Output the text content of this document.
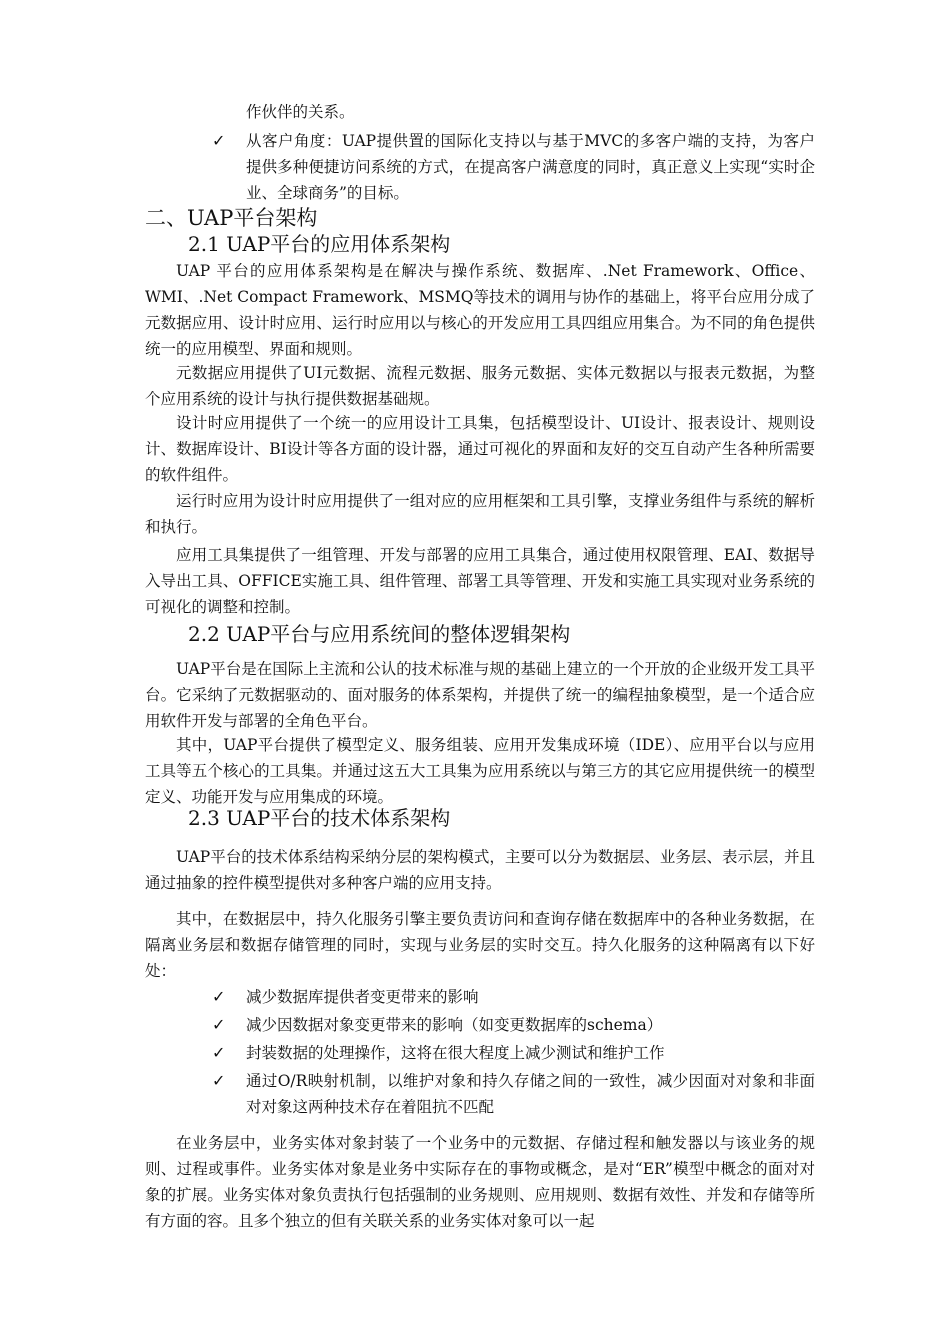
作伙伴的关系。

✓ 从客户角度：UAP提供置的国际化支持以与基于MVC的多客户端的支持，为客户提供多种便捷访问系统的方式，在提高客户满意度的同时，真正意义上实现“实时企业、全球商务”的目标。
二、UAP平台架构
2.1 UAP平台的应用体系架构

UAP 平台的应用体系架构是在解决与操作系统、数据库、.Net Framework、Office、WMI、.Net Compact Framework、MSMQ等技术的调用与协作的基础上，将平台应用分成了元数据应用、设计时应用、运行时应用以与核心的开发应用工具四组应用集合。为不同的角色提供统一的应用模型、界面和规则。

元数据应用提供了UI元数据、流程元数据、服务元数据、实体元数据以与报表元数据，为整个应用系统的设计与执行提供数据基础规。

设计时应用提供了一个统一的应用设计工具集，包括模型设计、UI设计、报表设计、规则设计、数据库设计、BI设计等各方面的设计器，通过可视化的界面和友好的交互自动产生各种所需要的软件组件。

运行时应用为设计时应用提供了一组对应的应用框架和工具引擎，支撑业务组件与系统的解析和执行。

应用工具集提供了一组管理、开发与部署的应用工具集合，通过使用权限管理、EAI、数据导入导出工具、OFFICE实施工具、组件管理、部署工具等管理、开发和实施工具实现对业务系统的可视化的调整和控制。

2.2 UAP平台与应用系统间的整体逻辑架构

UAP平台是在国际上主流和公认的技术标准与规的基础上建立的一个开放的企业级开发工具平台。它采纳了元数据驱动的、面对服务的体系架构，并提供了统一的编程抽象模型，是一个适合应用软件开发与部署的全角色平台。

其中，UAP平台提供了模型定义、服务组装、应用开发集成环境（IDE）、应用平台以与应用工具等五个核心的工具集。并通过这五大工具集为应用系统以与第三方的其它应用提供统一的模型定义、功能开发与应用集成的环境。

2.3 UAP平台的技术体系架构

UAP平台的技术体系结构采纳分层的架构模式，主要可以分为数据层、业务层、表示层，并且通过抽象的控件模型提供对多种客户端的应用支持。

其中，在数据层中，持久化服务引擎主要负责访问和查询存储在数据库中的各种业务数据，在隔离业务层和数据存储管理的同时，实现与业务层的实时交互。持久化服务的这种隔离有以下好处：

✓ 减少数据库提供者变更带来的影响
✓ 减少因数据对象变更带来的影响（如变更数据库的schema）
✓ 封装数据的处理操作，这将在很大程度上减少测试和维护工作
✓ 通过O/R映射机制，以维护对象和持久存储之间的一致性，减少因面对对象和非面对对象这两种技术存在着阻抗不匹配

在业务层中，业务实体对象封装了一个业务中的元数据、存储过程和触发器以与该业务的规则、过程或事件。业务实体对象是业务中实际存在的事物或概念，是对“ER”模型中概念的面对对象的扩展。业务实体对象负责执行包括强制的业务规则、应用规则、数据有效性、并发和存储等所有方面的容。且多个独立的但有关联关系的业务实体对象可以一起
